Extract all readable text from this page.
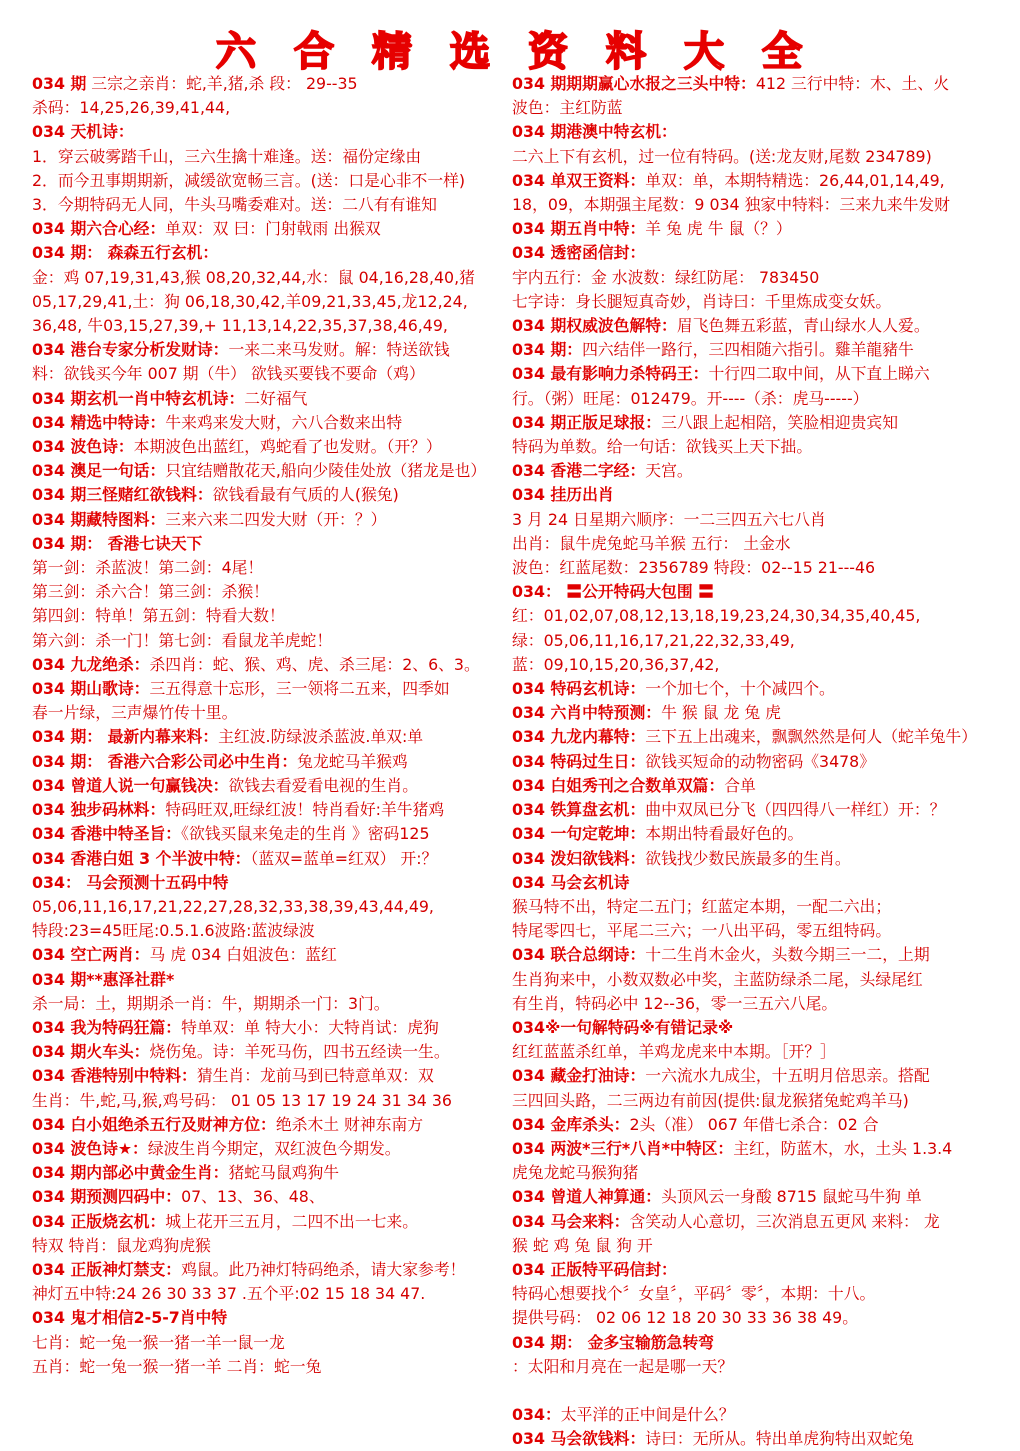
六 合 精 选 资 料 大 全
034 期 三宗之亲肖：蛇,羊,猪,杀 段： 29--35
杀码：14,25,26,39,41,44,
034 天机诗：
1．穿云破雾踏千山，三六生擒十难逢。送：福份定缘由
2．而今丑事期期新，减缓欲宽畅三言。(送：口是心非不一样)
3．今期特码无人同，牛头马嘴委难对。送：二八有有谁知
034 期六合心经：单双：双 曰：门射戟雨 出猴双
034 期： 森森五行玄机：
金：鸡 07,19,31,43,猴 08,20,32,44,水：鼠 04,16,28,40,猪
05,17,29,41,土：狗 06,18,30,42,羊09,21,33,45,龙12,24,
36,48, 牛03,15,27,39,+ 11,13,14,22,35,37,38,46,49,
034 港台专家分析发财诗：一来二来马发财。解：特送欲钱
料：欲钱买今年 007 期（牛） 欲钱买要钱不要命（鸡）
034 期玄机一肖中特玄机诗：二好福气
034 精选中特诗：牛来鸡来发大财，六八合数来出特
034 波色诗：本期波色出蓝红，鸡蛇看了也发财。（开？）
034 澳足一句话：只宜结赠散花天,船向少陵佳处放（猪龙是也）
034 期三怪赌红欲钱料：欲钱看最有气质的人(猴兔)
034 期藏特图料：三来六来二四发大财（开：？）
034 期： 香港七诀天下
第一剑：杀蓝波！第二剑：4尾！
第三剑：杀六合！第三剑：杀猴！
第四剑：特单！第五剑：特看大数！
第六剑：杀一门！第七剑：看鼠龙羊虎蛇！
034 九龙绝杀：杀四肖：蛇、猴、鸡、虎、杀三尾：2、6、3。
034 期山歌诗：三五得意十忘形，三一领将二五来，四季如
春一片绿，三声爆竹传十里。
034 期： 最新内幕来料：主红波.防绿波杀蓝波.单双:单
034 期： 香港六合彩公司必中生肖：兔龙蛇马羊猴鸡
034 曾道人说一句赢钱决：欲钱去看爱看电视的生肖。
034 独步码林料：特码旺双,旺绿红波！特肖看好:羊牛猪鸡
034 香港中特圣旨：《欲钱买鼠来兔走的生肖 》密码125
034 香港白姐 3 个半波中特：（蓝双=蓝单=红双） 开:？
034： 马会预测十五码中特
05,06,11,16,17,21,22,27,28,32,33,38,39,43,44,49,
特段:23=45旺尾:0.5.1.6波路:蓝波绿波
034 空亡两肖：马 虎 034 白姐波色：蓝红
034 期**惠泽社群*
杀一局：土，期期杀一肖：牛，期期杀一门：3门。
034 我为特码狂篇：特单双：单 特大小：大特肖试：虎狗
034 期火车头：烧伤兔。诗：羊死马伤，四书五经读一生。
034 香港特别中特料：猜生肖：龙前马到已特意单双：双
生肖：牛,蛇,马,猴,鸡号码： 01 05 13 17 19 24 31 34 36
034 白小姐绝杀五行及财神方位：绝杀木土 财神东南方
034 波色诗★：绿波生肖今期定，双红波色今期发。
034 期内部必中黄金生肖：猪蛇马鼠鸡狗牛
034 期预测四码中：07、13、36、48、
034 正版烧玄机：城上花开三五月，二四不出一七来。
特双 特肖：鼠龙鸡狗虎猴
034 正版神灯禁支：鸡鼠。此乃神灯特码绝杀，请大家参考！
神灯五中特:24 26 30 33 37 .五个平:02 15 18 34 47.
034 鬼才相信2-5-7肖中特
七肖：蛇一兔一猴一猪一羊一鼠一龙
五肖：蛇一兔一猴一猪一羊 二肖：蛇一兔
034 期期期赢心水报之三头中特：412 三行中特：木、土、火
波色：主红防蓝
034 期港澳中特玄机：
二六上下有玄机，过一位有特码。(送:龙友财,尾数 234789)
034 单双王资料：单双：单，本期特精选：26,44,01,14,49,
18，09，本期强主尾数：9 034 独家中特料：三来九来牛发财
034 期五肖中特：羊 兔 虎 牛 鼠（？）
034 透密函信封：
宇内五行：金 水波数：绿红防尾： 783450
七字诗：身长腿短真奇妙，肖诗曰：千里炼成变女妖。
034 期权威波色解特：眉飞色舞五彩蓝，青山绿水人人爱。
034 期：四六结伴一路行，三四相随六指引。雞羊龍豬牛
034 最有影响力杀特码王：十行四二取中间，从下直上睇六
行。（粥）旺尾：012479。开----（杀：虎马-----）
034 期正版足球报：三八跟上起相陪，笑脸相迎贵宾知
特码为单数。给一句话：欲钱买上天下拙。
034 香港二字经：天宫。
034 挂历出肖
3 月 24 日星期六顺序：一二三四五六七八肖
出肖：鼠牛虎兔蛇马羊猴 五行： 土金水
波色：红蓝尾数：2356789 特段：02--15 21---46
034： 〓公开特码大包围 〓
红：01,02,07,08,12,13,18,19,23,24,30,34,35,40,45,
绿：05,06,11,16,17,21,22,32,33,49,
蓝：09,10,15,20,36,37,42,
034 特码玄机诗：一个加七个，十个减四个。
034 六肖中特预测：牛 猴 鼠 龙 兔 虎
034 九龙内幕特：三下五上出魂来，飘飘然然是何人（蛇羊兔牛）
034 特码过生日：欲钱买短命的动物密码《3478》
034 白姐秀刊之合数单双篇：合单
034 铁算盘玄机：曲中双凤已分飞（四四得八一样红）开：？
034 一句定乾坤：本期出特看最好色的。
034 泼妇欲钱料：欲钱找少数民族最多的生肖。
034 马会玄机诗
猴马特不出，特定二五门；红蓝定本期，一配二六出；
特尾零四七，平尾二三六；一八出平码，零五组特码。
034 联合总纲诗：十二生肖木金火，头数今期三一二，上期
生肖狗来中，小数双数必中奖，主蓝防绿杀二尾，头绿尾红
有生肖，特码必中 12--36，零一三五六八尾。
034※一句解特码※有错记录※
红红蓝蓝杀红单，羊鸡龙虎来中本期。［开？］
034 藏金打油诗：一六流水九成尘，十五明月倍思亲。搭配
三四回头路，二三两边有前因(提供:鼠龙猴猪兔蛇鸡羊马)
034 金库杀头：2头（准） 067 年借七杀合：02 合
034 两波*三行*八肖*中特区：主红，防蓝木，水，土头 1.3.4
虎兔龙蛇马猴狗猪
034 曾道人神算通：头顶风云一身酸 8715 鼠蛇马牛狗 单
034 马会来料：含笑动人心意切，三次消息五更风 来料： 龙
猴 蛇 鸡 兔 鼠 狗 开
034 正版特平码信封：
特码心想要找个〞女皇〞，平码〞零〞，本期：十八。
提供号码： 02 06 12 18 20 30 33 36 38 49。
034 期： 金多宝输筋急转弯
：太阳和月亮在一起是哪一天？
034：太平洋的正中间是什么？
034 马会欲钱料：诗曰：无所从。特出单虎狗特出双蛇兔
